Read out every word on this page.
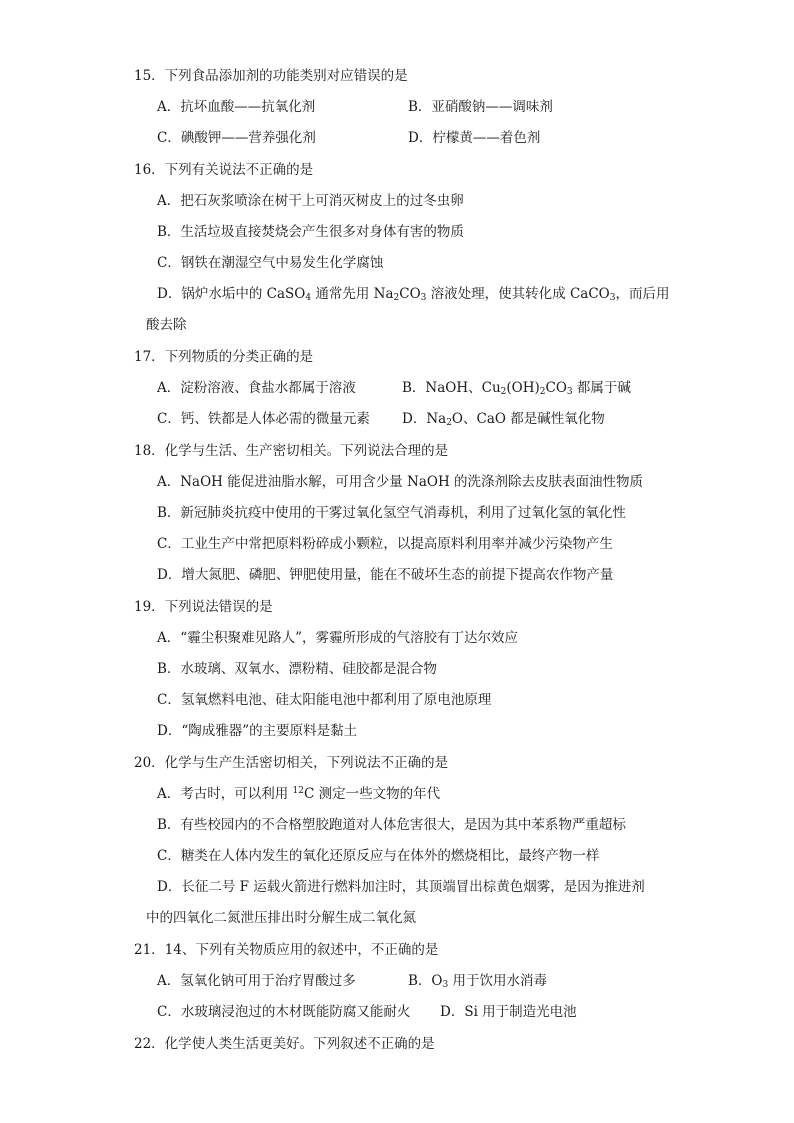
15．下列食品添加剂的功能类别对应错误的是
A．抗坏血酸——抗氧化剂	B．亚硝酸钠——调味剂
C．碘酸钾——营养强化剂	D．柠檬黄——着色剂
16．下列有关说法不正确的是
A．把石灰浆喷涂在树干上可消灭树皮上的过冬虫卵
B．生活垃圾直接焚烧会产生很多对身体有害的物质
C．钢铁在潮湿空气中易发生化学腐蚀
D．锅炉水垢中的 CaSO$_4$ 通常先用 $Na_2CO_3$ 溶液处理，使其转化成 CaCO$_3$，而后用
酸去除
17．下列物质的分类正确的是
A．淀粉溶液、食盐水都属于溶液	B．NaOH、$Cu_2(OH)_2CO_3$ 都属于碱
C．钙、铁都是人体必需的微量元素 D．$Na_2O$、CaO 都是碱性氧化物
18．化学与生活、生产密切相关。下列说法合理的是
A．NaOH 能促进油脂水解，可用含少量 NaOH 的洗涤剂除去皮肤表面油性物质
B．新冠肺炎抗疫中使用的干雾过氧化氢空气消毒机，利用了过氧化氢的氧化性
C．工业生产中常把原料粉碎成小颗粒，以提高原料利用率并减少污染物产生
D．增大氮肥、磷肥、钾肥使用量，能在不破坏生态的前提下提高农作物产量
19．下列说法错误的是
A．“霾尘积聚难见路人”，雾霾所形成的气溶胶有丁达尔效应
B．水玻璃、双氧水、漂粉精、硅胶都是混合物
C．氢氧燃料电池、硅太阳能电池中都利用了原电池原理
D．“陶成雅器”的主要原料是黏土
20．化学与生产生活密切相关，下列说法不正确的是
A．考古时，可以利用 $^{12}$C 测定一些文物的年代
B．有些校园内的不合格塑胶跑道对人体危害很大，是因为其中苯系物严重超标
C．糖类在人体内发生的氧化还原反应与在体外的燃烧相比，最终产物一样
D．长征二号 F 运载火箭进行燃料加注时，其顶端冒出棕黄色烟雾，是因为推进剂
中的四氧化二氮泄压排出时分解生成二氧化氮
21．14、下列有关物质应用的叙述中，不正确的是
A．氢氧化钠可用于治疗胃酸过多	B．$O_3$ 用于饮用水消毒
C．水玻璃浸泡过的木材既能防腐又能耐火 D．Si 用于制造光电池
22．化学使人类生活更美好。下列叙述不正确的是
